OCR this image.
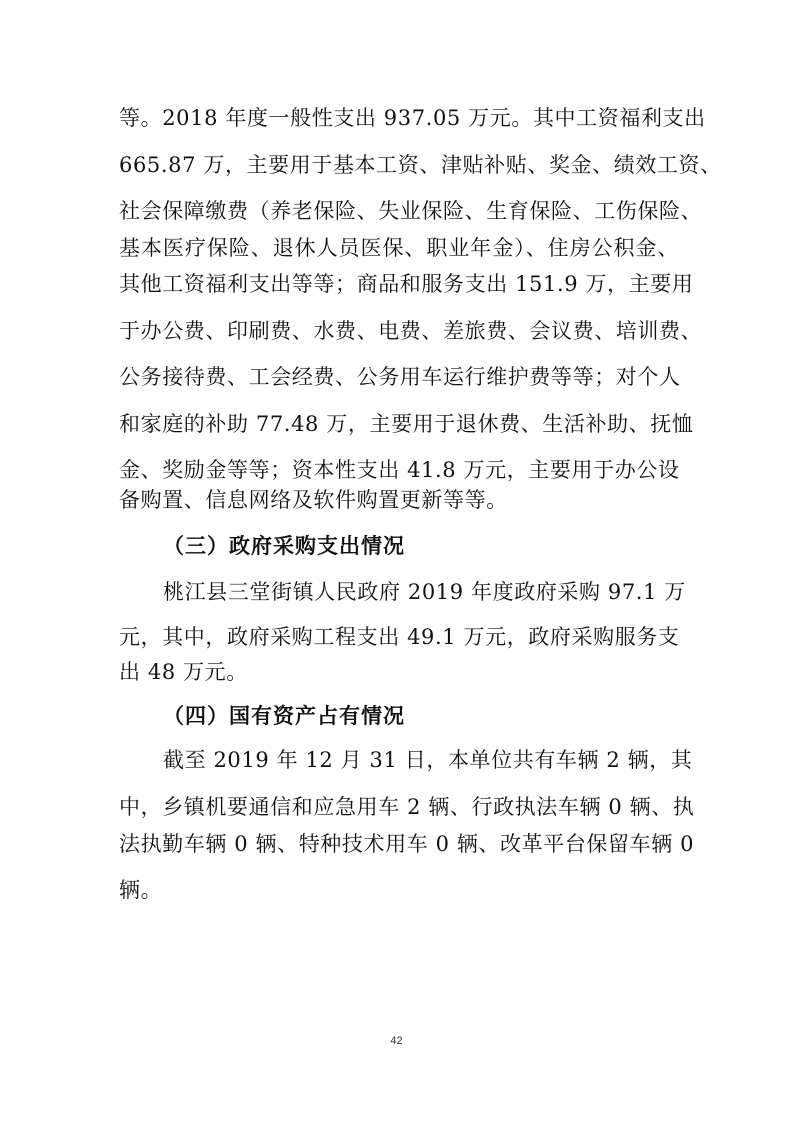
等。2018 年度一般性支出 937.05 万元。其中工资福利支出
665.87 万，主要用于基本工资、津贴补贴、奖金、绩效工资、
社会保障缴费（养老保险、失业保险、生育保险、工伤保险、
基本医疗保险、退休人员医保、职业年金）、住房公积金、
其他工资福利支出等等；商品和服务支出 151.9 万，主要用
于办公费、印刷费、水费、电费、差旅费、会议费、培训费、
公务接待费、工会经费、公务用车运行维护费等等；对个人
和家庭的补助 77.48 万，主要用于退休费、生活补助、抚恤
金、奖励金等等；资本性支出 41.8 万元，主要用于办公设
备购置、信息网络及软件购置更新等等。
（三）政府采购支出情况
桃江县三堂街镇人民政府 2019 年度政府采购 97.1 万
元，其中，政府采购工程支出 49.1 万元，政府采购服务支
出 48 万元。
（四）国有资产占有情况
截至 2019 年 12 月 31 日，本单位共有车辆 2 辆，其
中，乡镇机要通信和应急用车 2 辆、行政执法车辆 0 辆、执
法执勤车辆 0 辆、特种技术用车 0 辆、改革平台保留车辆 0
辆。
42
